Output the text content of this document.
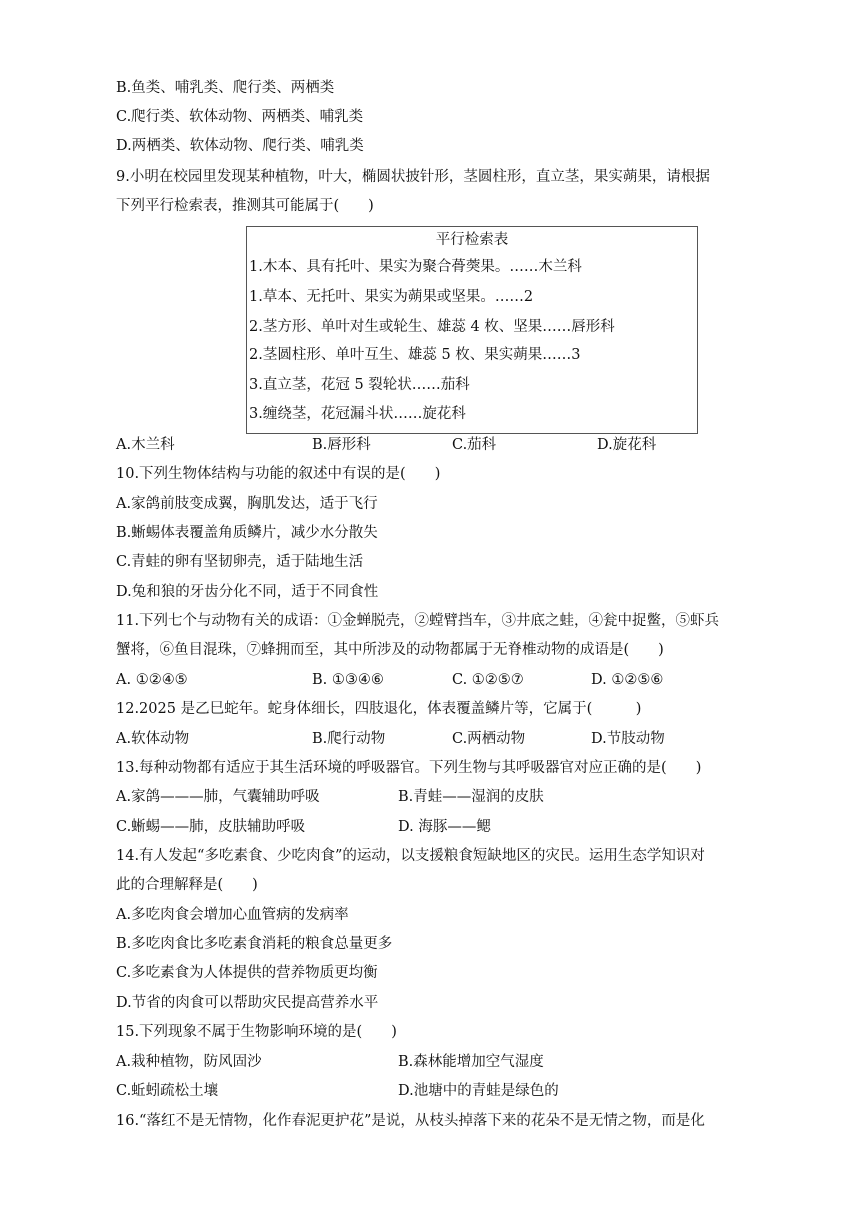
B.鱼类、哺乳类、爬行类、两栖类
C.爬行类、软体动物、两栖类、哺乳类
D.两栖类、软体动物、爬行类、哺乳类
9.小明在校园里发现某种植物，叶大，椭圆状披针形，茎圆柱形，直立茎，果实蒴果，请根据
下列平行检索表，推测其可能属于(　　)
平行检索表
1.木本、具有托叶、果实为聚合蓇葖果。……木兰科
1.草本、无托叶、果实为蒴果或坚果。……2
2.茎方形、单叶对生或轮生、雄蕊 4 枚、坚果……唇形科
2.茎圆柱形、单叶互生、雄蕊 5 枚、果实蒴果……3
3.直立茎，花冠 5 裂轮状……茄科
3.缠绕茎，花冠漏斗状……旋花科
A.木兰科	B.唇形科	C.茄科	D.旋花科
10.下列生物体结构与功能的叙述中有误的是(　　)
A.家鸽前肢变成翼，胸肌发达，适于飞行
B.蜥蜴体表覆盖角质鳞片，减少水分散失
C.青蛙的卵有坚韧卵壳，适于陆地生活
D.兔和狼的牙齿分化不同，适于不同食性
11.下列七个与动物有关的成语：①金蝉脱壳，②螳臂挡车，③井底之蛙，④瓮中捉鳖，⑤虾兵
蟹将，⑥鱼目混珠，⑦蜂拥而至，其中所涉及的动物都属于无脊椎动物的成语是(　　)
A. ①②④⑤	B. ①③④⑥	C. ①②⑤⑦	D. ①②⑤⑥
12.2025 是乙巳蛇年。蛇身体细长，四肢退化，体表覆盖鳞片等，它属于(　　　)
A.软体动物	B.爬行动物	C.两栖动物	D.节肢动物
13.每种动物都有适应于其生活环境的呼吸器官。下列生物与其呼吸器官对应正确的是(　　)
A.家鸽———肺，气囊辅助呼吸	B.青蛙——湿润的皮肤
C.蜥蜴——肺，皮肤辅助呼吸	D. 海豚——鳃
14.有人发起“多吃素食、少吃肉食”的运动，以支援粮食短缺地区的灾民。运用生态学知识对
此的合理解释是(　　)
A.多吃肉食会增加心血管病的发病率
B.多吃肉食比多吃素食消耗的粮食总量更多
C.多吃素食为人体提供的营养物质更均衡
D.节省的肉食可以帮助灾民提高营养水平
15.下列现象不属于生物影响环境的是(　　)
A.栽种植物，防风固沙	B.森林能增加空气湿度
C.蚯蚓疏松土壤	D.池塘中的青蛙是绿色的
16.“落红不是无情物，化作春泥更护花”是说，从枝头掉落下来的花朵不是无情之物，而是化
